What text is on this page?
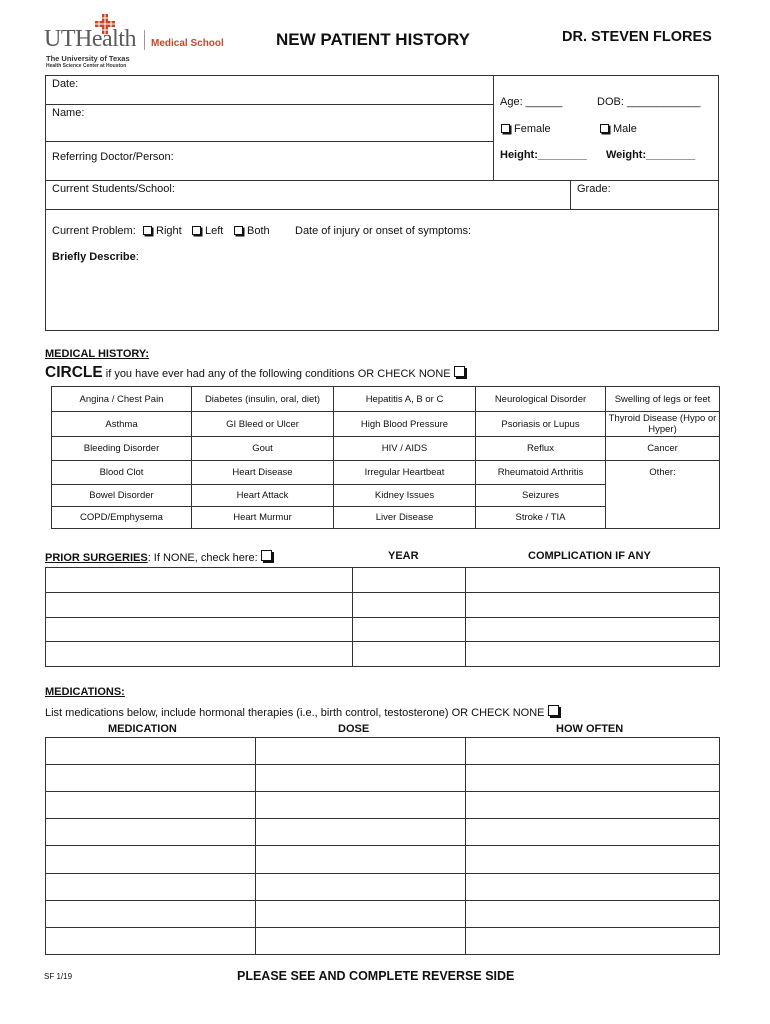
UTHealth Medical School
The University of Texas
Health Science Center at Houston
NEW PATIENT HISTORY	DR. STEVEN FLORES
Date:
Name:
Age: ______	DOB: ____________
Female	Male
Referring Doctor/Person:	Height:________ Weight:________
Current Students/School:	Grade:
Current Problem:	Right	Left	Both Date of injury or onset of symptoms:
Briefly Describe:
MEDICAL HISTORY:
CIRCLE if you have ever had any of the following conditions OR CHECK NONE
Angina / Chest Pain	Diabetes (insulin, oral, diet)	Hepatitis A, B or C	Neurological Disorder	Swelling of legs or feet
Asthma	GI Bleed or Ulcer	High Blood Pressure	Psoriasis or Lupus	Thyroid Disease (Hypo or Hyper)
Bleeding Disorder	Gout	HIV / AIDS	Reflux	Cancer
Blood Clot	Heart Disease	Irregular Heartbeat	Rheumatoid Arthritis	Other:
Bowel Disorder	Heart Attack	Kidney Issues	Seizures	
COPD/Emphysema	Heart Murmur	Liver Disease	Stroke / TIA	
PRIOR SURGERIES: If NONE, check here:	YEAR	COMPLICATION IF ANY

MEDICATIONS:
List medications below, include hormonal therapies (i.e., birth control, testosterone) OR CHECK NONE
MEDICATION	DOSE	HOW OFTEN

SF 1/19	PLEASE SEE AND COMPLETE REVERSE SIDE
